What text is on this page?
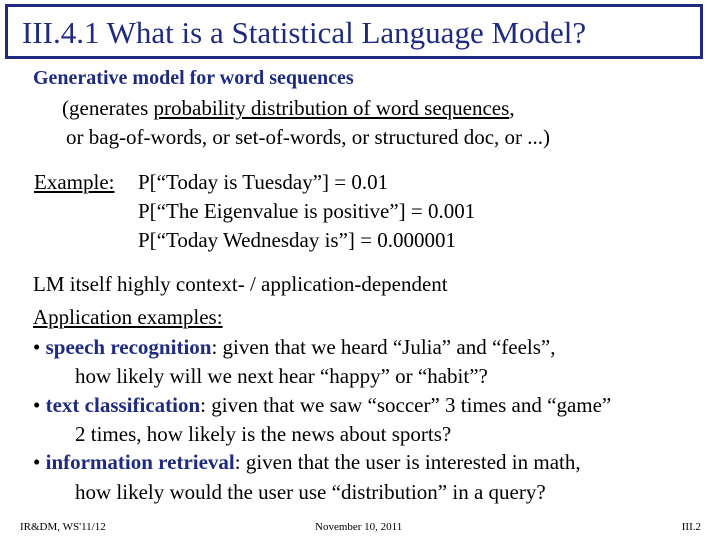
III.4.1 What is a Statistical Language Model?
Generative model for word sequences
(generates probability distribution of word sequences,
or bag-of-words, or set-of-words, or structured doc, or ...)
Example: P[“Today is Tuesday”] = 0.01
P[“The Eigenvalue is positive”] = 0.001
P[“Today Wednesday is”] = 0.000001
LM itself highly context- / application-dependent
Application examples:
• speech recognition: given that we heard “Julia” and “feels”,
how likely will we next hear “happy” or “habit”?
• text classification: given that we saw “soccer” 3 times and “game”
2 times, how likely is the news about sports?
• information retrieval: given that the user is interested in math,
how likely would the user use “distribution” in a query?
IR&DM, WS'11/12	November 10, 2011	III.2
